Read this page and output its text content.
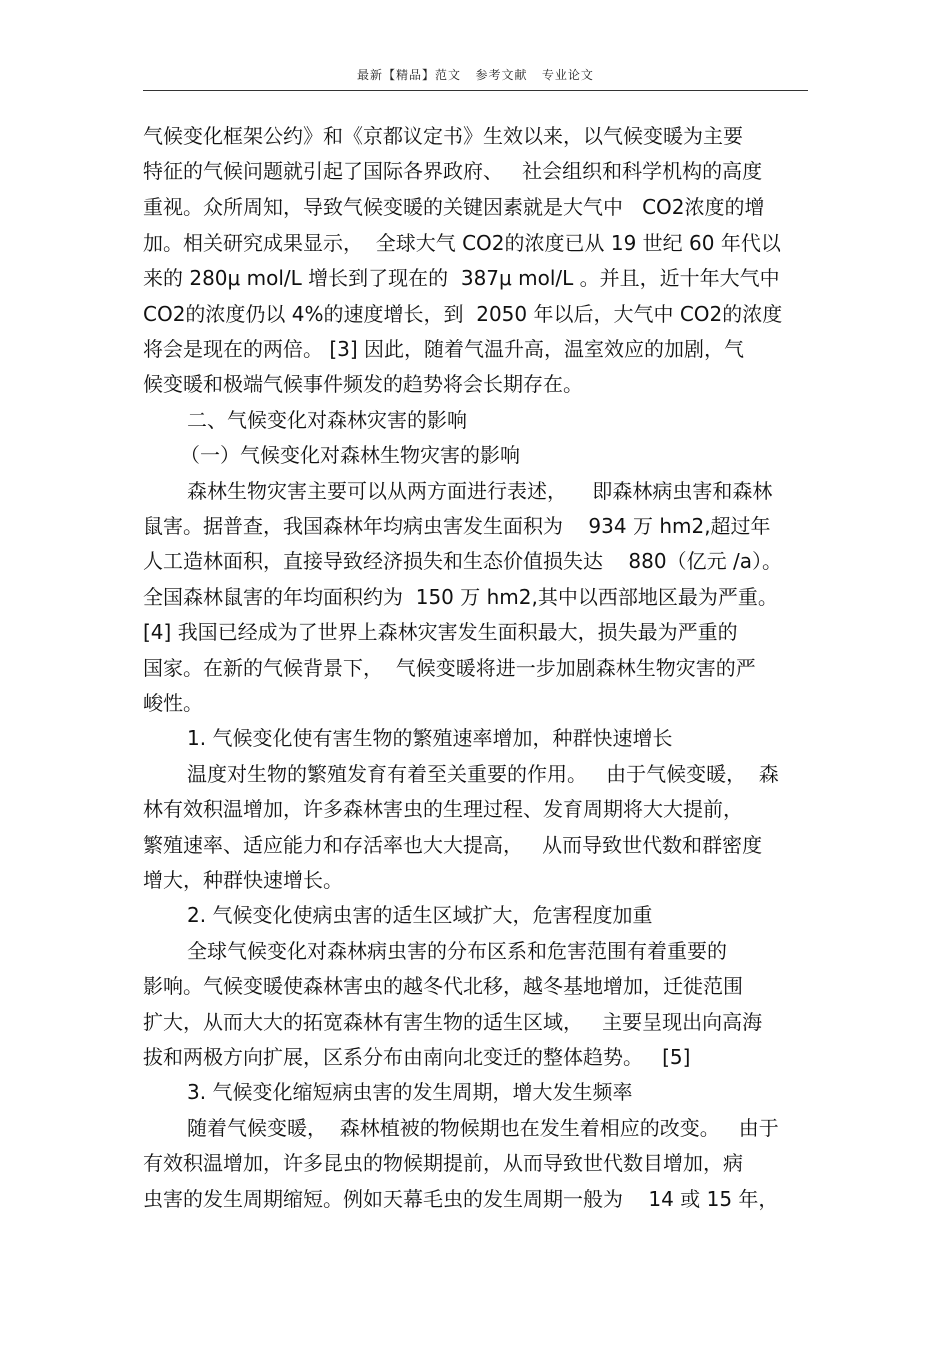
最新【精品】范文   参考文献   专业论文
气候变化框架公约》和《京都议定书》生效以来，以气候变暖为主要
特征的气候问题就引起了国际各界政府、   社会组织和科学机构的高度
重视。众所周知，导致气候变暖的关键因素就是大气中   CO2浓度的增
加。相关研究成果显示，  全球大气 CO2的浓度已从 19 世纪 60 年代以
来的 280μ mol/L 增长到了现在的  387μ mol/L 。并且，近十年大气中
CO2的浓度仍以 4%的速度增长，到  2050 年以后，大气中 CO2的浓度
将会是现在的两倍。 [3] 因此，随着气温升高，温室效应的加剧，气
候变暖和极端气候事件频发的趋势将会长期存在。
二、气候变化对森林灾害的影响
（一）气候变化对森林生物灾害的影响
森林生物灾害主要可以从两方面进行表述，    即森林病虫害和森林
鼠害。据普查，我国森林年均病虫害发生面积为    934 万 hm2,超过年
人工造林面积，直接导致经济损失和生态价值损失达    880（亿元 /a）。
全国森林鼠害的年均面积约为  150 万 hm2,其中以西部地区最为严重。
[4] 我国已经成为了世界上森林灾害发生面积最大，损失最为严重的
国家。在新的气候背景下，  气候变暖将进一步加剧森林生物灾害的严
峻性。
1. 气候变化使有害生物的繁殖速率增加，种群快速增长
温度对生物的繁殖发育有着至关重要的作用。   由于气候变暖，  森
林有效积温增加，许多森林害虫的生理过程、发育周期将大大提前，
繁殖速率、适应能力和存活率也大大提高，   从而导致世代数和群密度
增大，种群快速增长。
2. 气候变化使病虫害的适生区域扩大，危害程度加重
全球气候变化对森林病虫害的分布区系和危害范围有着重要的
影响。气候变暖使森林害虫的越冬代北移，越冬基地增加，迁徙范围
扩大，从而大大的拓宽森林有害生物的适生区域，   主要呈现出向高海
拔和两极方向扩展，区系分布由南向北变迁的整体趋势。   [5]
3. 气候变化缩短病虫害的发生周期，增大发生频率
随着气候变暖，  森林植被的物候期也在发生着相应的改变。   由于
有效积温增加，许多昆虫的物候期提前，从而导致世代数目增加，病
虫害的发生周期缩短。例如天幕毛虫的发生周期一般为    14 或 15 年，
